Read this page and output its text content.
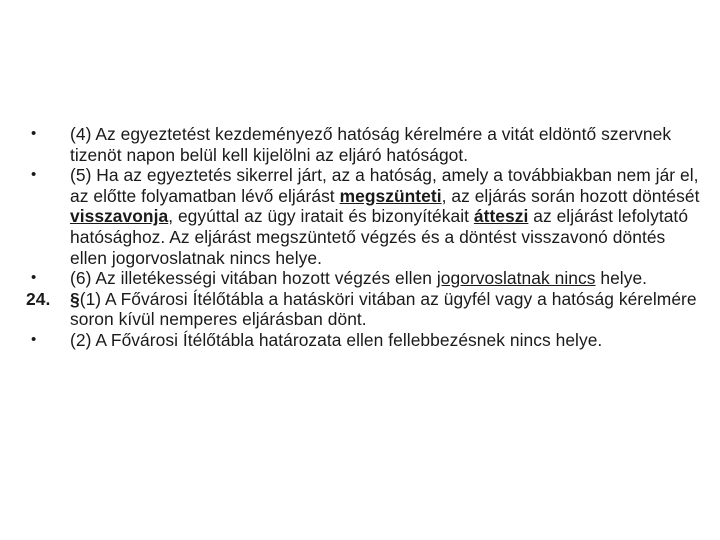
•	(4) Az egyeztetést kezdeményező hatóság kérelmére a vitát eldöntő szervnek tizenöt napon belül kell kijelölni az eljáró hatóságot.
•	(5) Ha az egyeztetés sikerrel járt, az a hatóság, amely a továbbiakban nem jár el, az előtte folyamatban lévő eljárást megszünteti, az eljárás során hozott döntését visszavonja, egyúttal az ügy iratait és bizonyítékait átteszi az eljárást lefolytató hatósághoz. Az eljárást megszüntető végzés és a döntést visszavonó döntés ellen jogorvoslatnak nincs helye.
•	(6) Az illetékességi vitában hozott végzés ellen jogorvoslatnak nincs helye.
24.	§(1) A Fővárosi Ítélőtábla a hatásköri vitában az ügyfél vagy a hatóság kérelmére soron kívül nemperes eljárásban dönt.
•	(2) A Fővárosi Ítélőtábla határozata ellen fellebbezésnek nincs helye.
